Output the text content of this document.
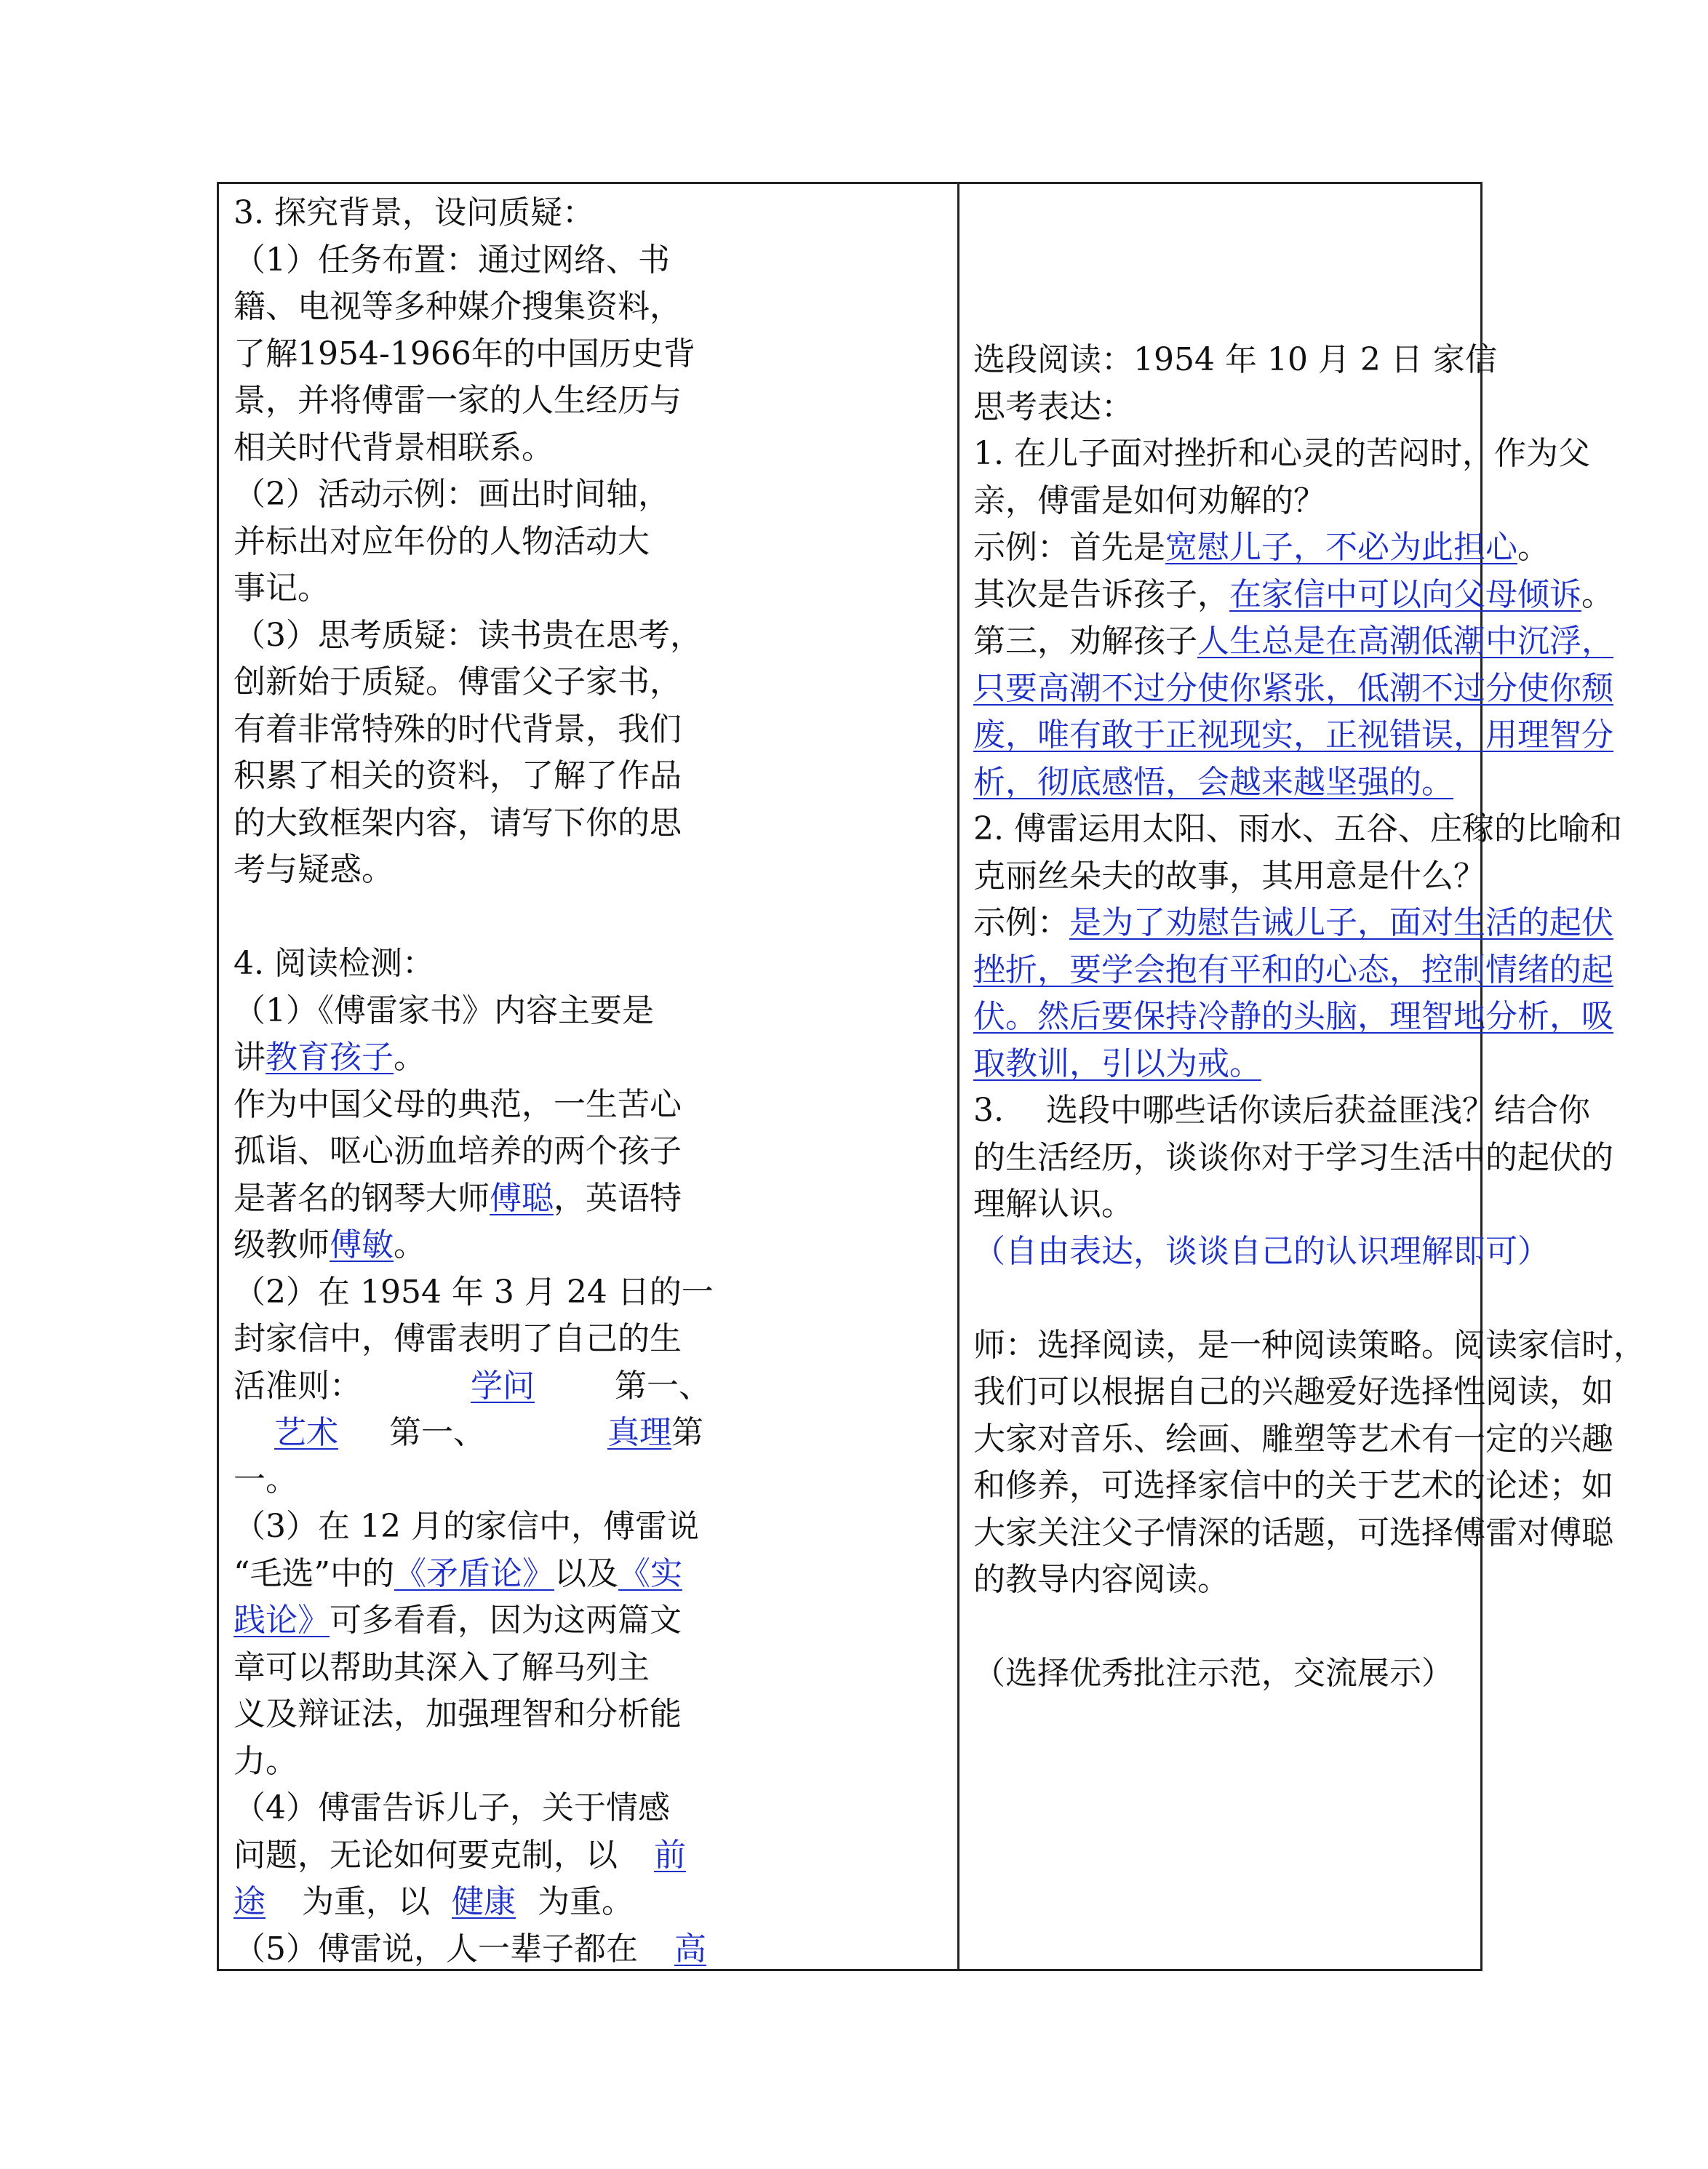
3. 探究背景，设问质疑：
（1）任务布置：通过网络、书
籍、电视等多种媒介搜集资料，
了解1954-1966年的中国历史背
景，并将傅雷一家的人生经历与
相关时代背景相联系。
（2）活动示例：画出时间轴，
并标出对应年份的人物活动大
事记。
（3）思考质疑：读书贵在思考，
创新始于质疑。傅雷父子家书，
有着非常特殊的时代背景，我们
积累了相关的资料，了解了作品
的大致框架内容，请写下你的思
考与疑惑。
4. 阅读检测：
（1）《傅雷家书》内容主要是
讲教育孩子。
作为中国父母的典范，一生苦心
孤诣、呕心沥血培养的两个孩子
是著名的钢琴大师傅聪，英语特
级教师傅敏。
（2）在 1954 年 3 月 24 日的一
封家信中，傅雷表明了自己的生
活准则：	学问	第一、
艺术 第一、	真理第
一。
（3）在 12 月的家信中，傅雷说
“毛选”中的《矛盾论》以及《实
践论》可多看看，因为这两篇文
章可以帮助其深入了解马列主
义及辩证法，加强理智和分析能
力。
（4）傅雷告诉儿子，关于情感
问题，无论如何要克制，以 前
途 为重，以 健康 为重。
（5）傅雷说，人一辈子都在 高
选段阅读：1954 年 10 月 2 日 家信
思考表达：
1. 在儿子面对挫折和心灵的苦闷时，作为父
亲，傅雷是如何劝解的？
示例：首先是宽慰儿子，不必为此担心。
其次是告诉孩子，在家信中可以向父母倾诉。
第三，劝解孩子人生总是在高潮低潮中沉浮，
只要高潮不过分使你紧张，低潮不过分使你颓
废，唯有敢于正视现实，正视错误，用理智分
析，彻底感悟，会越来越坚强的。
2. 傅雷运用太阳、雨水、五谷、庄稼的比喻和
克丽丝朵夫的故事，其用意是什么？
示例：是为了劝慰告诫儿子，面对生活的起伏
挫折，要学会抱有平和的心态，控制情绪的起
伏。然后要保持冷静的头脑，理智地分析，吸
取教训，引以为戒。
3.　 选段中哪些话你读后获益匪浅？结合你
的生活经历，谈谈你对于学习生活中的起伏的
理解认识。
（自由表达，谈谈自己的认识理解即可）
师：选择阅读，是一种阅读策略。阅读家信时，
我们可以根据自己的兴趣爱好选择性阅读，如
大家对音乐、绘画、雕塑等艺术有一定的兴趣
和修养，可选择家信中的关于艺术的论述；如
大家关注父子情深的话题，可选择傅雷对傅聪
的教导内容阅读。
（选择优秀批注示范，交流展示）
